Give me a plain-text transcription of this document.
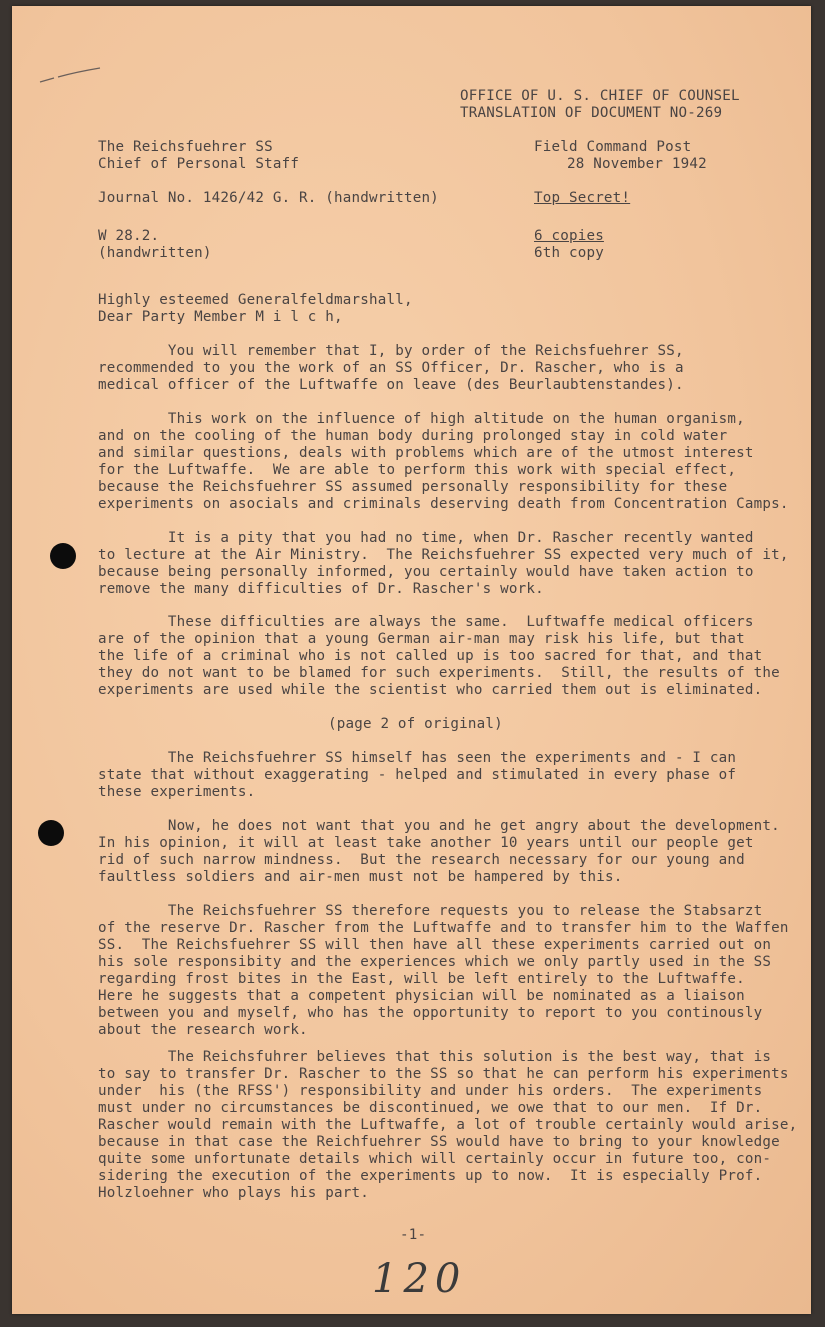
OFFICE OF U. S. CHIEF OF COUNSEL
TRANSLATION OF DOCUMENT NO-269
The Reichsfuehrer SS
Chief of Personal Staff
Field Command Post
28 November 1942
Journal No. 1426/42 G. R. (handwritten)	Top Secret!
W 28.2.
(handwritten)
6 copies
6th copy
Highly esteemed Generalfeldmarshall,
Dear Party Member M i l c h,
You will remember that I, by order of the Reichsfuehrer SS,
recommended to you the work of an SS Officer, Dr. Rascher, who is a
medical officer of the Luftwaffe on leave (des Beurlaubtenstandes).
This work on the influence of high altitude on the human organism,
and on the cooling of the human body during prolonged stay in cold water
and similar questions, deals with problems which are of the utmost interest
for the Luftwaffe.  We are able to perform this work with special effect,
because the Reichsfuehrer SS assumed personally responsibility for these
experiments on asocials and criminals deserving death from Concentration Camps.
It is a pity that you had no time, when Dr. Rascher recently wanted
to lecture at the Air Ministry.  The Reichsfuehrer SS expected very much of it,
because being personally informed, you certainly would have taken action to
remove the many difficulties of Dr. Rascher's work.
These difficulties are always the same.  Luftwaffe medical officers
are of the opinion that a young German air-man may risk his life, but that
the life of a criminal who is not called up is too sacred for that, and that
they do not want to be blamed for such experiments.  Still, the results of the
experiments are used while the scientist who carried them out is eliminated.
(page 2 of original)
The Reichsfuehrer SS himself has seen the experiments and - I can
state that without exaggerating - helped and stimulated in every phase of
these experiments.
Now, he does not want that you and he get angry about the development.
In his opinion, it will at least take another 10 years until our people get
rid of such narrow mindness.  But the research necessary for our young and
faultless soldiers and air-men must not be hampered by this.
The Reichsfuehrer SS therefore requests you to release the Stabsarzt
of the reserve Dr. Rascher from the Luftwaffe and to transfer him to the Waffen
SS.  The Reichsfuehrer SS will then have all these experiments carried out on
his sole responsibity and the experiences which we only partly used in the SS
regarding frost bites in the East, will be left entirely to the Luftwaffe.
Here he suggests that a competent physician will be nominated as a liaison
between you and myself, who has the opportunity to report to you continously
about the research work.
The Reichsfuhrer believes that this solution is the best way, that is
to say to transfer Dr. Rascher to the SS so that he can perform his experiments
under  his (the RFSS') responsibility and under his orders.  The experiments
must under no circumstances be discontinued, we owe that to our men.  If Dr.
Rascher would remain with the Luftwaffe, a lot of trouble certainly would arise,
because in that case the Reichfuehrer SS would have to bring to your knowledge
quite some unfortunate details which will certainly occur in future too, con-
sidering the execution of the experiments up to now.  It is especially Prof.
Holzloehner who plays his part.
-1-
120
